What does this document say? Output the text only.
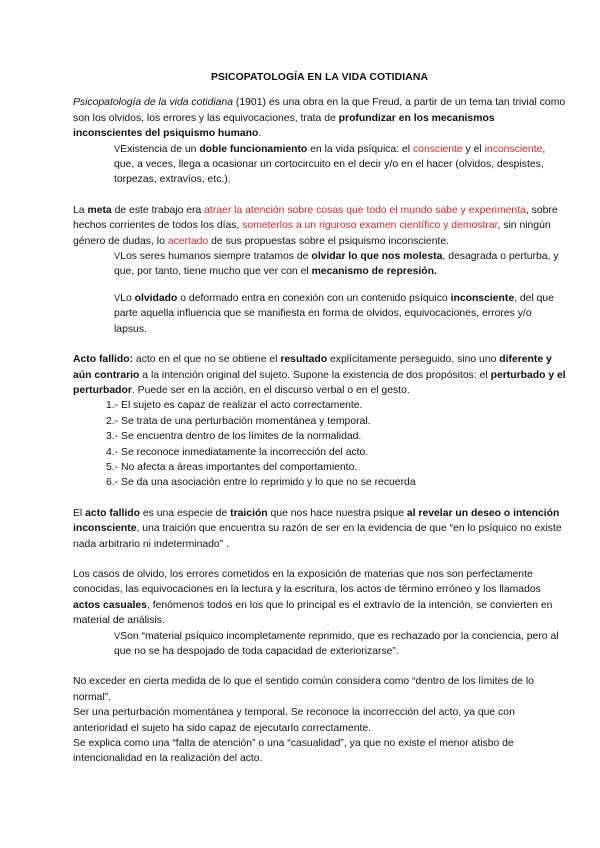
PSICOPATOLOGÍA EN LA VIDA COTIDIANA

Psicopatología de la vida cotidiana (1901) es una obra en la que Freud, a partir de un tema tan trivial como son los olvidos, los errores y las equivocaciones, trata de profundizar en los mecanismos inconscientes del psiquismo humano.

ⴸExistencia de un doble funcionamiento en la vida psíquica: el consciente y el inconsciente, que, a veces, llega a ocasionar un cortocircuito en el decir y/o en el hacer (olvidos, despistes, torpezas, extravíos, etc.).

La meta de este trabajo era atraer la atención sobre cosas que todo el mundo sabe y experimenta, sobre hechos corrientes de todos los días, someterlos a un riguroso examen científico y demostrar, sin ningún género de dudas, lo acertado de sus propuestas sobre el psiquismo inconsciente.

ⴸLos seres humanos siempre tratamos de olvidar lo que nos molesta, desagrada o perturba, y que, por tanto, tiene mucho que ver con el mecanismo de represión.

ⴸLo olvidado o deformado entra en conexión con un contenido psíquico inconsciente, del que parte aquella influencia que se manifiesta en forma de olvidos, equivocaciones, errores y/o lapsus.

Acto fallido: acto en el que no se obtiene el resultado explícitamente perseguido, sino uno diferente y aún contrario a la intención original del sujeto. Supone la existencia de dos propósitos: el perturbado y el perturbador. Puede ser en la acción, en el discurso verbal o en el gesto.

1.- El sujeto es capaz de realizar el acto correctamente.
2.- Se trata de una perturbación momentánea y temporal.
3.- Se encuentra dentro de los límites de la normalidad.
4.- Se reconoce inmediatamente la incorrección del acto.
5.- No afecta a áreas importantes del comportamiento.
6.- Se da una asociación entre lo reprimido y lo que no se recuerda

El acto fallido es una especie de traición que nos hace nuestra psique al revelar un deseo o intención inconsciente, una traición que encuentra su razón de ser en la evidencia de que “en lo psíquico no existe nada arbitrario ni indeterminado” .

Los casos de olvido, los errores cometidos en la exposición de materias que nos son perfectamente conocidas, las equivocaciones en la lectura y la escritura, los actos de término erróneo y los llamados actos casuales, fenómenos todos en los que lo principal es el extravío de la intención, se convierten en material de análisis.

ⴸSon “material psíquico incompletamente reprimido, que es rechazado por la conciencia, pero al que no se ha despojado de toda capacidad de exteriorizarse”.

No exceder en cierta medida de lo que el sentido común considera como “dentro de los límites de lo normal”.

Ser una perturbación momentánea y temporal. Se reconoce la incorrección del acto, ya que con anterioridad el sujeto ha sido capaz de ejecutarlo correctamente.

Se explica como una “falta de atención” o una “casualidad”, ya que no existe el menor atisbo de intencionalidad en la realización del acto.
